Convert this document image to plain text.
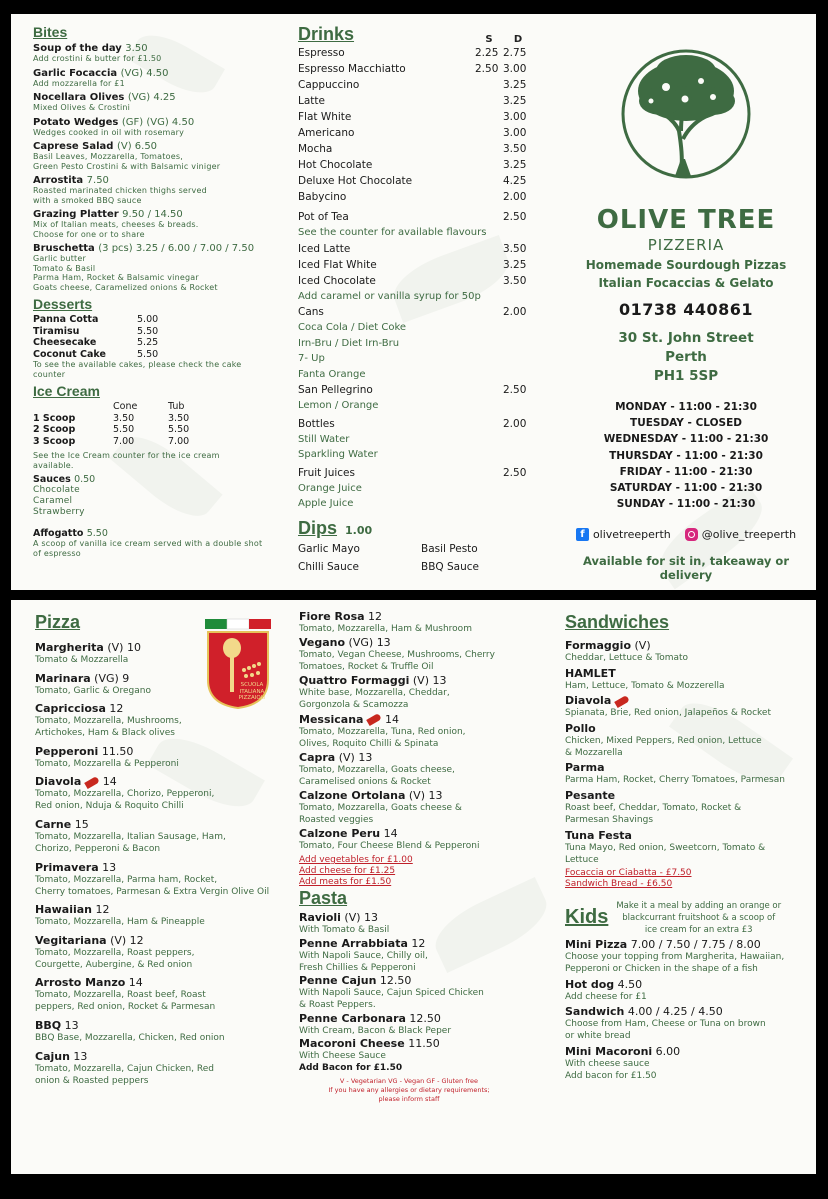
Bites
Soup of the day 3.50
Add crostini & butter for £1.50
Garlic Focaccia (VG) 4.50
Add mozzarella for £1
Nocellara Olives (VG) 4.25
Mixed Olives & Crostini
Potato Wedges (GF) (VG) 4.50
Wedges cooked in oil with rosemary
Caprese Salad (V) 6.50
Basil Leaves, Mozzarella, Tomatoes,
Green Pesto Crostini & with Balsamic viniger
Arrostita 7.50
Roasted marinated chicken thighs served
with a smoked BBQ sauce
Grazing Platter 9.50 / 14.50
Mix of Italian meats, cheeses & breads.
Choose for one or to share
Bruschetta (3 pcs) 3.25 / 6.00 / 7.00 / 7.50
Garlic butter
Tomato & Basil
Parma Ham, Rocket & Balsamic vinegar
Goats cheese, Caramelized onions & Rocket
Desserts
Panna Cotta	5.00
Tiramisu	5.50
Cheesecake	5.25
Coconut Cake	5.50
To see the available cakes, please check the cake counter
Ice Cream
	Cone	Tub
1 Scoop	3.50	3.50
2 Scoop	5.50	5.50
3 Scoop	7.00	7.00
See the Ice Cream counter for the ice cream available.
Sauces 0.50
Chocolate
Caramel
Strawberry
Affogatto 5.50
A scoop of vanilla ice cream served with a double shot of espresso
Drinks	S	D
Espresso	2.25 2.75
Espresso Macchiatto	2.50 3.00
Cappuccino	3.25
Latte	3.25
Flat White	3.00
Americano	3.00
Mocha	3.50
Hot Chocolate	3.25
Deluxe Hot Chocolate	4.25
Babycino	2.00
Pot of Tea	2.50
See the counter for available flavours
Iced Latte	3.50
Iced Flat White	3.25
Iced Chocolate	3.50
Add caramel or vanilla syrup for 50p
Cans	2.00
Coca Cola / Diet Coke
Irn-Bru / Diet Irn-Bru
7- Up
Fanta Orange
San Pellegrino	2.50
Lemon / Orange
Bottles	2.00
Still Water
Sparkling Water
Fruit Juices	2.50
Orange Juice
Apple Juice
Dips 1.00
Garlic Mayo	Basil Pesto
Chilli Sauce	BBQ Sauce
OLIVE TREE
PIZZERIA
Homemade Sourdough Pizzas
Italian Focaccias & Gelato
01738 440861
30 St. John Street
Perth
PH1 5SP
MONDAY - 11:00 - 21:30
TUESDAY - CLOSED
WEDNESDAY - 11:00 - 21:30
THURSDAY - 11:00 - 21:30
FRIDAY - 11:00 - 21:30
SATURDAY - 11:00 - 21:30
SUNDAY - 11:00 - 21:30
f olivetreeperth	@olive_treeperth
Available for sit in, takeaway or delivery
Pizza
Margherita (V) 10
Tomato & Mozzarella
Marinara (VG) 9
Tomato, Garlic & Oregano
Capricciosa 12
Tomato, Mozzarella, Mushrooms,
Artichokes, Ham & Black olives
Pepperoni 11.50
Tomato, Mozzarella & Pepperoni
Diavola 14
Tomato, Mozzarella, Chorizo, Pepperoni,
Red onion, Nduja & Roquito Chilli
Carne 15
Tomato, Mozzarella, Italian Sausage, Ham,
Chorizo, Pepperoni & Bacon
Primavera 13
Tomato, Mozzarella, Parma ham, Rocket,
Cherry tomatoes, Parmesan & Extra Vergin Olive Oil
Hawaiian 12
Tomato, Mozzarella, Ham & Pineapple
Vegitariana (V) 12
Tomato, Mozzarella, Roast peppers,
Courgette, Aubergine, & Red onion
Arrosto Manzo 14
Tomato, Mozzarella, Roast beef, Roast
peppers, Red onion, Rocket & Parmesan
BBQ 13
BBQ Base, Mozzarella, Chicken, Red onion
Cajun 13
Tomato, Mozzarella, Cajun Chicken, Red
onion & Roasted peppers
SCUOLA ITALIANA PIZZAIOLI
Fiore Rosa 12
Tomato, Mozzarella, Ham & Mushroom
Vegano (VG) 13
Tomato, Vegan Cheese, Mushrooms, Cherry
Tomatoes, Rocket & Truffle Oil
Quattro Formaggi (V) 13
White base, Mozzarella, Cheddar,
Gorgonzola & Scamozza
Messicana 14
Tomato, Mozzarella, Tuna, Red onion,
Olives, Roquito Chilli & Spinata
Capra (V) 13
Tomato, Mozzarella, Goats cheese,
Caramelised onions & Rocket
Calzone Ortolana (V) 13
Tomato, Mozzarella, Goats cheese &
Roasted veggies
Calzone Peru 14
Tomato, Four Cheese Blend & Pepperoni
Add vegetables for £1.00
Add cheese for £1.25
Add meats for £1.50
Pasta
Ravioli (V) 13
With Tomato & Basil
Penne Arrabbiata 12
With Napoli Sauce, Chilly oil,
Fresh Chillies & Pepperoni
Penne Cajun 12.50
With Napoli Sauce, Cajun Spiced Chicken
& Roast Peppers.
Penne Carbonara 12.50
With Cream, Bacon & Black Peper
Macoroni Cheese 11.50
With Cheese Sauce
Add Bacon for £1.50
V - Vegetarian VG - Vegan GF - Gluten free
If you have any allergies or dietary requirements;
please inform staff
Sandwiches
Formaggio (V)
Cheddar, Lettuce & Tomato
HAMLET
Ham, Lettuce, Tomato & Mozzerella
Diavola
Spianata, Brie, Red onion, Jalapeños & Rocket
Pollo
Chicken, Mixed Peppers, Red onion, Lettuce
& Mozzarella
Parma
Parma Ham, Rocket, Cherry Tomatoes, Parmesan
Pesante
Roast beef, Cheddar, Tomato, Rocket &
Parmesan Shavings
Tuna Festa
Tuna Mayo, Red onion, Sweetcorn, Tomato &
Lettuce
Focaccia or Ciabatta - £7.50
Sandwich Bread - £6.50
Kids Make it a meal by adding an orange or
blackcurrant fruitshoot & a scoop of
ice cream for an extra £3
Mini Pizza 7.00 / 7.50 / 7.75 / 8.00
Choose your topping from Margherita, Hawaiian,
Pepperoni or Chicken in the shape of a fish
Hot dog 4.50
Add cheese for £1
Sandwich 4.00 / 4.25 / 4.50
Choose from Ham, Cheese or Tuna on brown
or white bread
Mini Macoroni 6.00
With cheese sauce
Add bacon for £1.50
